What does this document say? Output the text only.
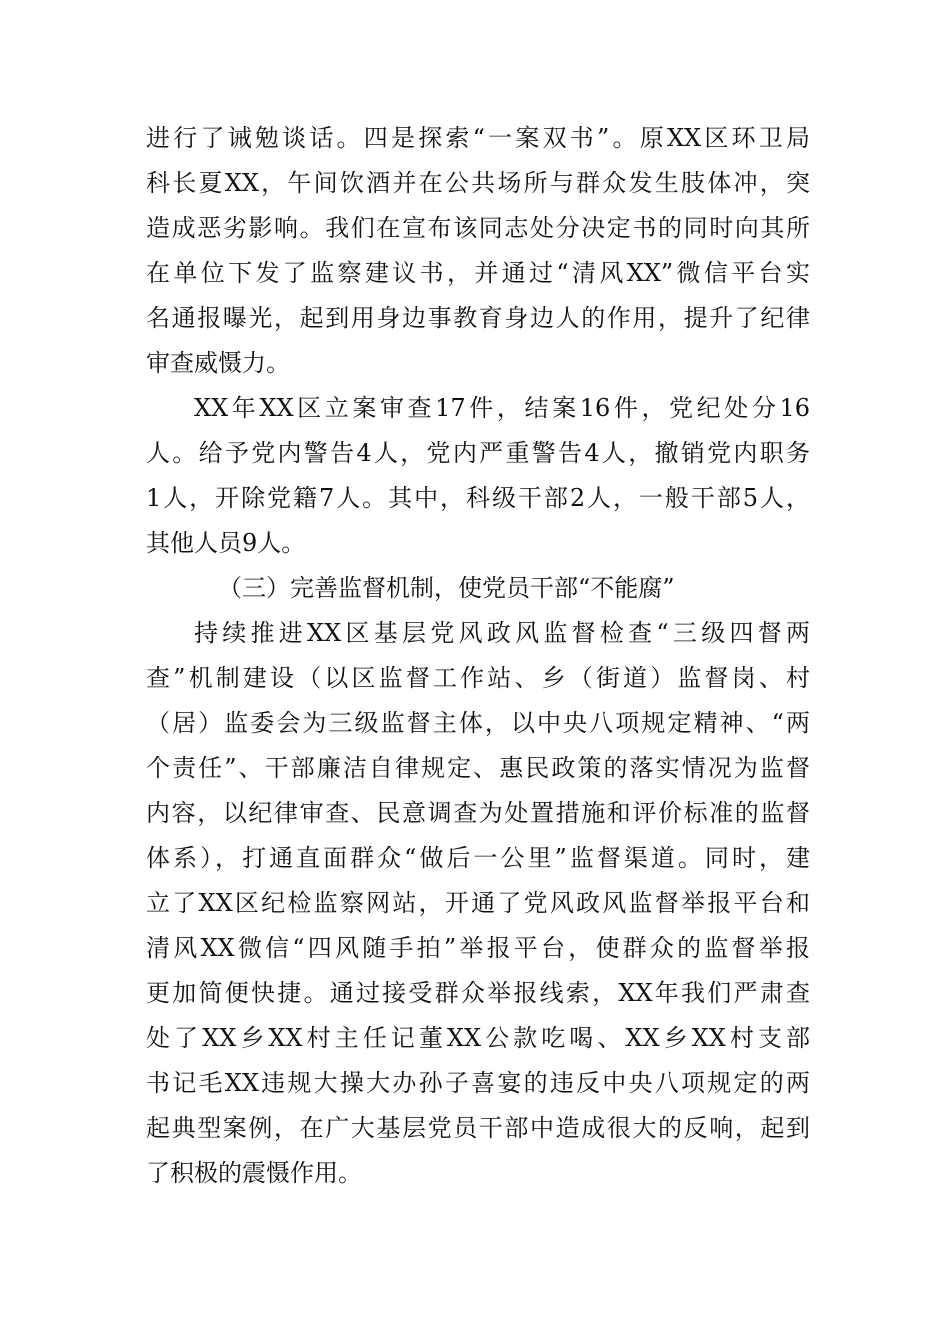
进行了诫勉谈话。四是探索“一案双书”。原XX区环卫局
科长夏XX，午间饮酒并在公共场所与群众发生肢体冲，突
造成恶劣影响。我们在宣布该同志处分决定书的同时向其所
在单位下发了监察建议书，并通过“清风XX”微信平台实
名通报曝光，起到用身边事教育身边人的作用，提升了纪律
审查威慑力。
XX年XX区立案审查17件，结案16件，党纪处分16
人。给予党内警告4人，党内严重警告4人，撤销党内职务
1人，开除党籍7人。其中，科级干部2人，一般干部5人，
其他人员9人。
（三）完善监督机制，使党员干部“不能腐”
持续推进XX区基层党风政风监督检查“三级四督两
查”机制建设（以区监督工作站、乡（街道）监督岗、村
（居）监委会为三级监督主体，以中央八项规定精神、“两
个责任”、干部廉洁自律规定、惠民政策的落实情况为监督
内容，以纪律审查、民意调查为处置措施和评价标准的监督
体系），打通直面群众“做后一公里”监督渠道。同时，建
立了XX区纪检监察网站，开通了党风政风监督举报平台和
清风XX微信“四风随手拍”举报平台，使群众的监督举报
更加简便快捷。通过接受群众举报线索，XX年我们严肃查
处了XX乡XX村主任记董XX公款吃喝、XX乡XX村支部
书记毛XX违规大操大办孙子喜宴的违反中央八项规定的两
起典型案例，在广大基层党员干部中造成很大的反响，起到
了积极的震慑作用。
